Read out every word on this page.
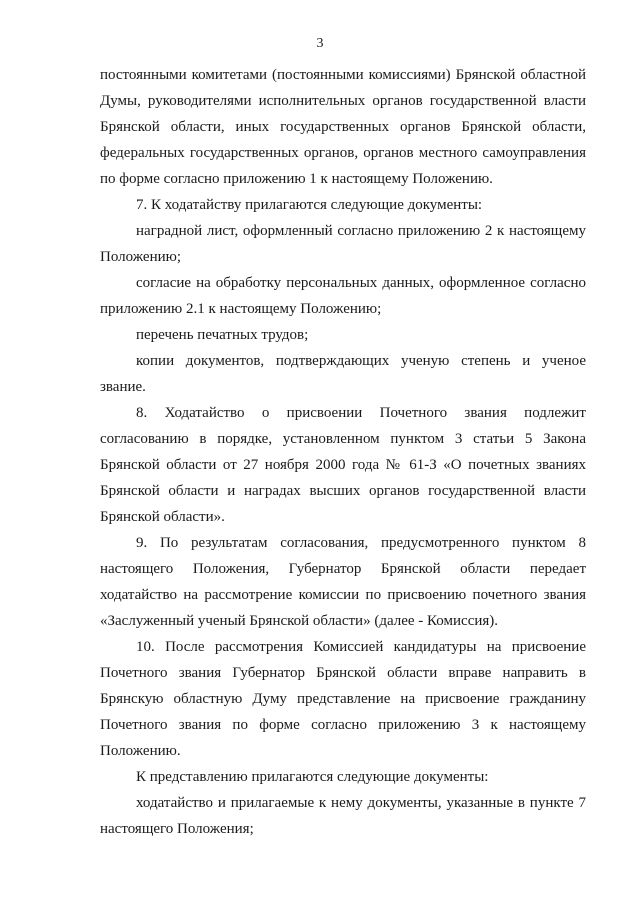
3

постоянными комитетами (постоянными комиссиями) Брянской областной Думы, руководителями исполнительных органов государственной власти Брянской области, иных государственных органов Брянской области, федеральных государственных органов, органов местного самоуправления по форме согласно приложению 1 к настоящему Положению.

7. К ходатайству прилагаются следующие документы:

наградной лист, оформленный согласно приложению 2 к настоящему Положению;

согласие на обработку персональных данных, оформленное согласно приложению 2.1 к настоящему Положению;

перечень печатных трудов;

копии документов, подтверждающих ученую степень и ученое звание.

8. Ходатайство о присвоении Почетного звания подлежит согласованию в порядке, установленном пунктом 3 статьи 5 Закона Брянской области от 27 ноября 2000 года № 61-З «О почетных званиях Брянской области и наградах высших органов государственной власти Брянской области».

9. По результатам согласования, предусмотренного пунктом 8 настоящего Положения, Губернатор Брянской области передает ходатайство на рассмотрение комиссии по присвоению почетного звания «Заслуженный ученый Брянской области» (далее - Комиссия).

10. После рассмотрения Комиссией кандидатуры на присвоение Почетного звания Губернатор Брянской области вправе направить в Брянскую областную Думу представление на присвоение гражданину Почетного звания по форме согласно приложению 3 к настоящему Положению.

К представлению прилагаются следующие документы:

ходатайство и прилагаемые к нему документы, указанные в пункте 7 настоящего Положения;
